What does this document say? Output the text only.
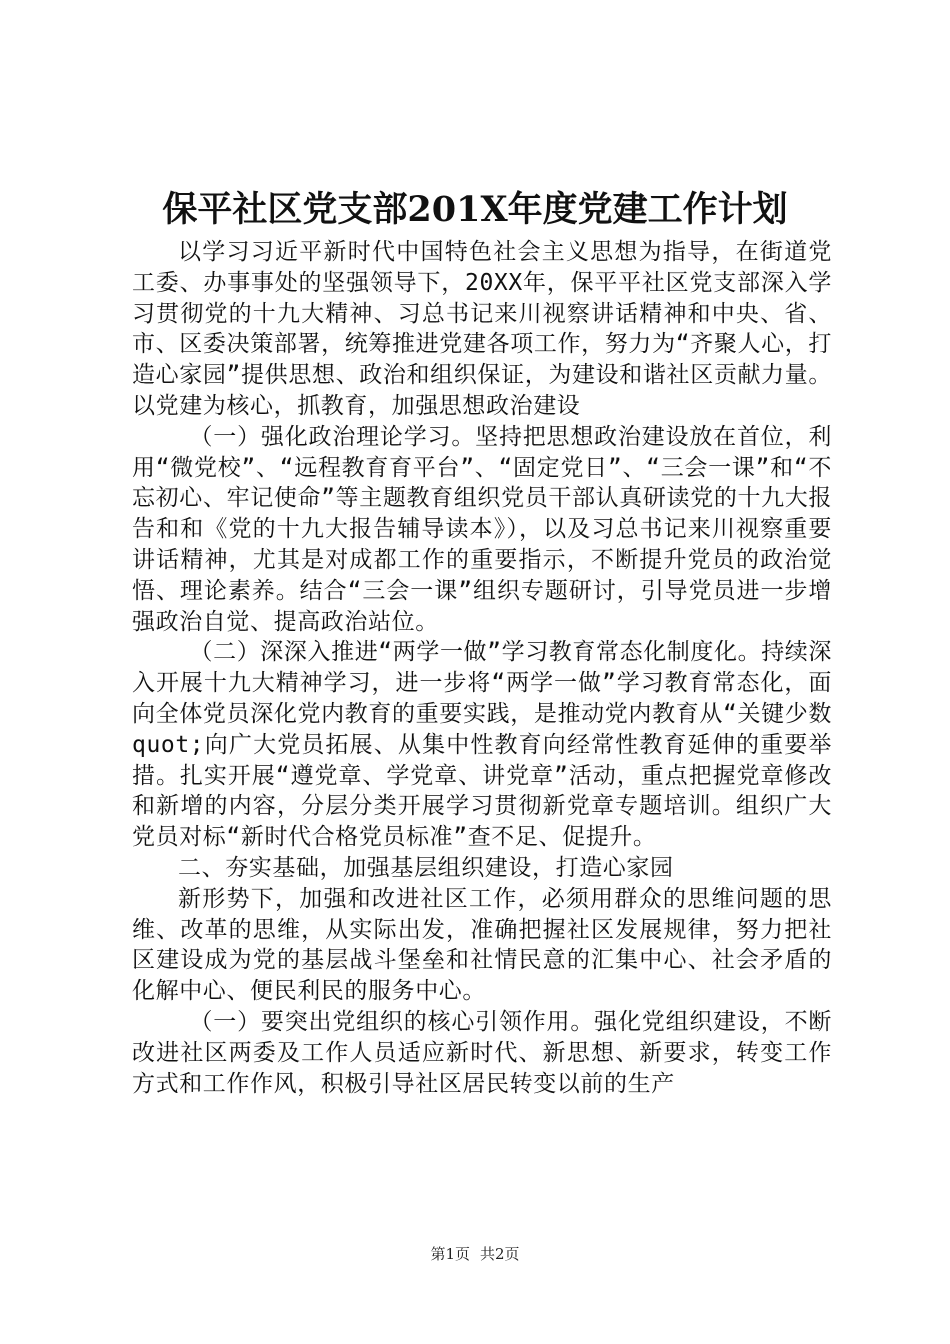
保平社区党支部201X年度党建工作计划

以学习习近平新时代中国特色社会主义思想为指导，在街道党工委、办事事处的坚强领导下，20XX年，保平平社区党支部深入学习贯彻党的十九大精神、习总书记来川视察讲话精神和中央、省、市、区委决策部署，统筹推进党建各项工作，努力为“齐聚人心，打造心家园”提供思想、政治和组织保证，为建设和谐社区贡献力量。以党建为核心，抓教育，加强思想政治建设

（一）强化政治理论学习。坚持把思想政治建设放在首位，利用“微党校”、“远程教育育平台”、“固定党日”、“三会一课”和“不忘初心、牢记使命”等主题教育组织党员干部认真研读党的十九大报告和和《党的十九大报告辅导读本》），以及习总书记来川视察重要讲话精神，尤其是对成都工作的重要指示，不断提升党员的政治觉悟、理论素养。结合“三会一课”组织专题研讨，引导党员进一步增强政治自觉、提高政治站位。

（二）深深入推进“两学一做”学习教育常态化制度化。持续深入开展十九大精神学习，进一步将“两学一做”学习教育常态化，面向全体党员深化党内教育的重要实践，是推动党内教育从“关键少数quot;向广大党员拓展、从集中性教育向经常性教育延伸的重要举措。扎实开展“遵党章、学党章、讲党章”活动，重点把握党章修改和新增的内容，分层分类开展学习贯彻新党章专题培训。组织广大党员对标“新时代合格党员标准”查不足、促提升。

二、夯实基础，加强基层组织建设，打造心家园

新形势下，加强和改进社区工作，必须用群众的思维问题的思维、改革的思维，从实际出发，准确把握社区发展规律，努力把社区建设成为党的基层战斗堡垒和社情民意的汇集中心、社会矛盾的化解中心、便民利民的服务中心。

（一）要突出党组织的核心引领作用。强化党组织建设，不断改进社区两委及工作人员适应新时代、新思想、新要求，转变工作方式和工作作风，积极引导社区居民转变以前的生产

第1页 共2页
